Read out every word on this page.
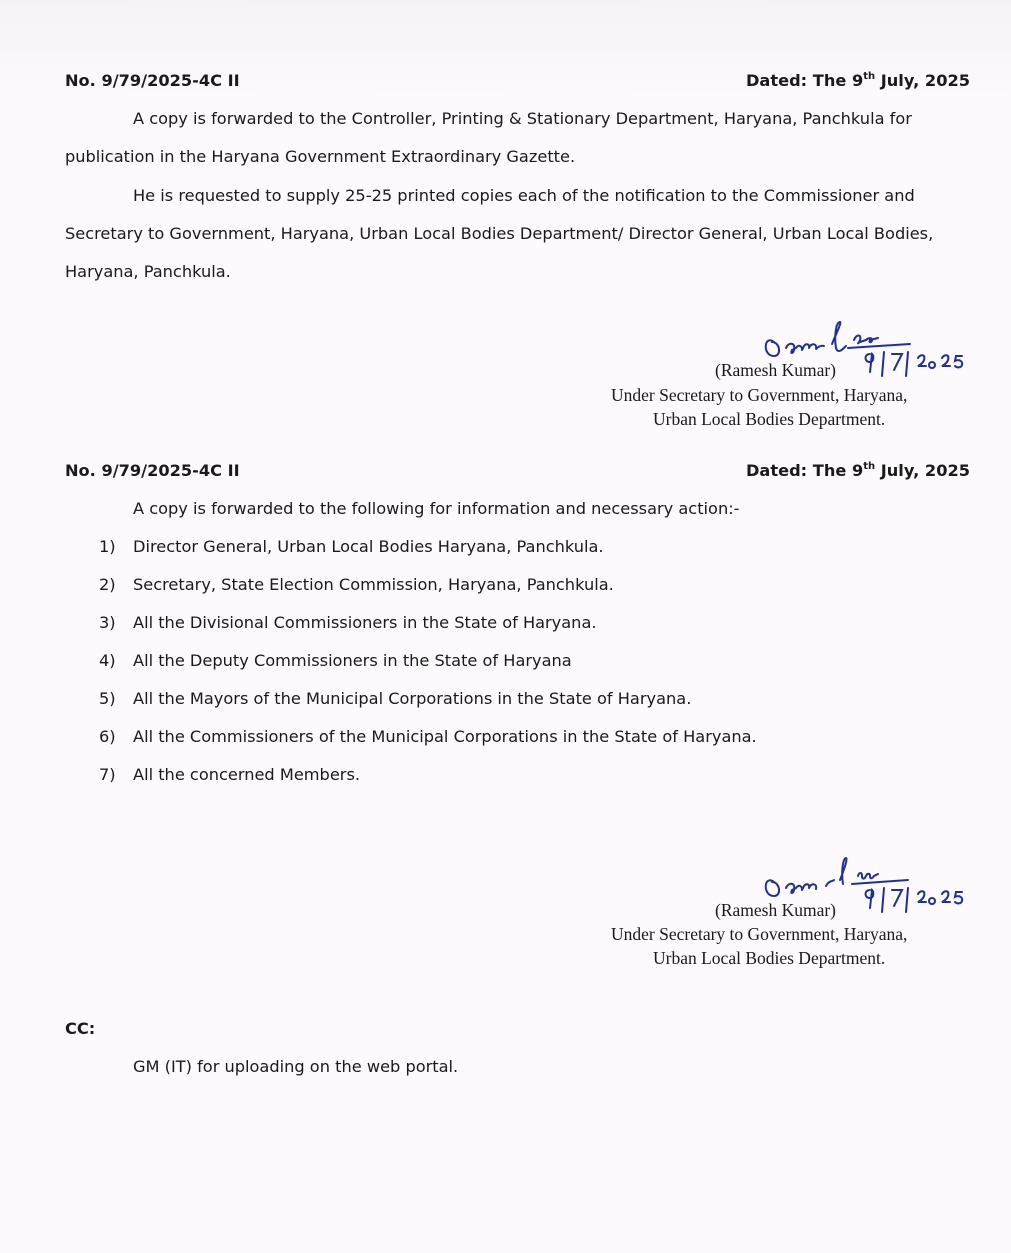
No. 9/79/2025-4C II	Dated: The 9th July, 2025
A copy is forwarded to the Controller, Printing & Stationary Department, Haryana, Panchkula for
publication in the Haryana Government Extraordinary Gazette.
He is requested to supply 25-25 printed copies each of the notification to the Commissioner and
Secretary to Government, Haryana, Urban Local Bodies Department/ Director General, Urban Local Bodies,
Haryana, Panchkula.
(Ramesh Kumar)
Under Secretary to Government, Haryana,
Urban Local Bodies Department.
No. 9/79/2025-4C II	Dated: The 9th July, 2025
A copy is forwarded to the following for information and necessary action:-
1) Director General, Urban Local Bodies Haryana, Panchkula.
2) Secretary, State Election Commission, Haryana, Panchkula.
3) All the Divisional Commissioners in the State of Haryana.
4) All the Deputy Commissioners in the State of Haryana
5) All the Mayors of the Municipal Corporations in the State of Haryana.
6) All the Commissioners of the Municipal Corporations in the State of Haryana.
7) All the concerned Members.
(Ramesh Kumar)
Under Secretary to Government, Haryana,
Urban Local Bodies Department.
CC:
GM (IT) for uploading on the web portal.
